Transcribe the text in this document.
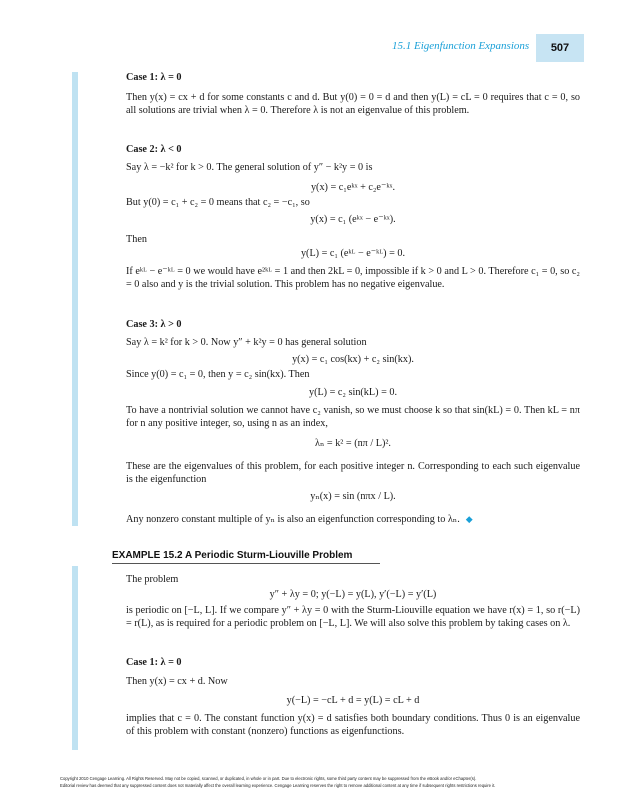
15.1 Eigenfunction Expansions	507
Case 1: λ = 0
Then y(x) = cx + d for some constants c and d. But y(0) = 0 = d and then y(L) = cL = 0 requires that c = 0, so all solutions are trivial when λ = 0. Therefore λ is not an eigenvalue of this problem.
Case 2: λ < 0
Say λ = −k² for k > 0. The general solution of y″ − k²y = 0 is
y(x) = c₁eᵏˣ + c₂e⁻ᵏˣ.
But y(0) = c₁ + c₂ = 0 means that c₂ = −c₁, so
y(x) = c₁ (eᵏˣ − e⁻ᵏˣ).
Then
y(L) = c₁ (eᵏᴸ − e⁻ᵏᴸ) = 0.
If eᵏᴸ − e⁻ᵏᴸ = 0 we would have e²ᵏᴸ = 1 and then 2kL = 0, impossible if k > 0 and L > 0. Therefore c₁ = 0, so c₂ = 0 also and y is the trivial solution. This problem has no negative eigenvalue.
Case 3: λ > 0
Say λ = k² for k > 0. Now y″ + k²y = 0 has general solution
y(x) = c₁ cos(kx) + c₂ sin(kx).
Since y(0) = c₁ = 0, then y = c₂ sin(kx). Then
y(L) = c₂ sin(kL) = 0.
To have a nontrivial solution we cannot have c₂ vanish, so we must choose k so that sin(kL) = 0. Then kL = nπ for n any positive integer, so, using n as an index,
λₙ = k² = (nπ / L)².
These are the eigenvalues of this problem, for each positive integer n. Corresponding to each such eigenvalue is the eigenfunction
yₙ(x) = sin (nπx / L).
Any nonzero constant multiple of yₙ is also an eigenfunction corresponding to λₙ. ◆
EXAMPLE 15.2 A Periodic Sturm-Liouville Problem
The problem
y″ + λy = 0; y(−L) = y(L), y′(−L) = y′(L)
is periodic on [−L, L]. If we compare y″ + λy = 0 with the Sturm-Liouville equation we have r(x) = 1, so r(−L) = r(L), as is required for a periodic problem on [−L, L]. We will also solve this problem by taking cases on λ.
Case 1: λ = 0
Then y(x) = cx + d. Now
y(−L) = −cL + d = y(L) = cL + d
implies that c = 0. The constant function y(x) = d satisfies both boundary conditions. Thus 0 is an eigenvalue of this problem with constant (nonzero) functions as eigenfunctions.
Copyright 2010 Cengage Learning. All Rights Reserved. May not be copied, scanned, or duplicated, in whole or in part. Due to electronic rights, some third party content may be suppressed from the eBook and/or eChapter(s).
Editorial review has deemed that any suppressed content does not materially affect the overall learning experience. Cengage Learning reserves the right to remove additional content at any time if subsequent rights restrictions require it.
